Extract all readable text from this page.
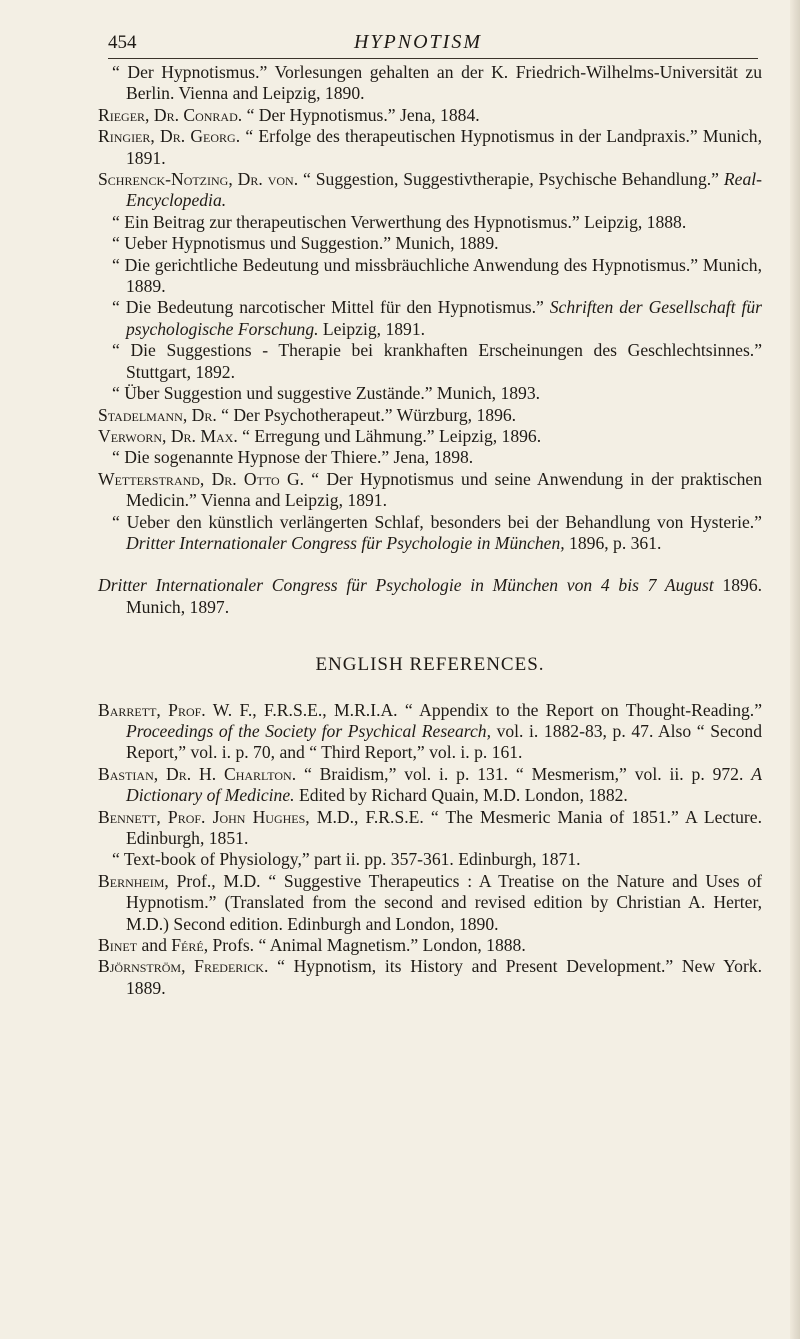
454	HYPNOTISM

“ Der Hypnotismus.” Vorlesungen gehalten an der K. Friedrich-Wilhelms-Universität zu Berlin. Vienna and Leipzig, 1890.

Rieger, Dr. Conrad. “ Der Hypnotismus.” Jena, 1884.

Ringier, Dr. Georg. “ Erfolge des therapeutischen Hypnotismus in der Landpraxis.” Munich, 1891.

Schrenck-Notzing, Dr. von. “ Suggestion, Suggestivtherapie, Psychische Behandlung.” Real-Encyclopedia.

“ Ein Beitrag zur therapeutischen Verwerthung des Hypnotismus.” Leipzig, 1888.

“ Ueber Hypnotismus und Suggestion.” Munich, 1889.

“ Die gerichtliche Bedeutung und missbräuchliche Anwendung des Hypnotismus.” Munich, 1889.

“ Die Bedeutung narcotischer Mittel für den Hypnotismus.” Schriften der Gesellschaft für psychologische Forschung. Leipzig, 1891.

“ Die Suggestions - Therapie bei krankhaften Erscheinungen des Geschlechtsinnes.” Stuttgart, 1892.

“ Über Suggestion und suggestive Zustände.” Munich, 1893.

Stadelmann, Dr. “ Der Psychotherapeut.” Würzburg, 1896.

Verworn, Dr. Max. “ Erregung und Lähmung.” Leipzig, 1896.

“ Die sogenannte Hypnose der Thiere.” Jena, 1898.

Wetterstrand, Dr. Otto G. “ Der Hypnotismus und seine Anwendung in der praktischen Medicin.” Vienna and Leipzig, 1891.

“ Ueber den künstlich verlängerten Schlaf, besonders bei der Behandlung von Hysterie.” Dritter Internationaler Congress für Psychologie in München, 1896, p. 361.

Dritter Internationaler Congress für Psychologie in München von 4 bis 7 August 1896. Munich, 1897.

ENGLISH REFERENCES.

Barrett, Prof. W. F., F.R.S.E., M.R.I.A. “ Appendix to the Report on Thought-Reading.” Proceedings of the Society for Psychical Research, vol. i. 1882-83, p. 47. Also “ Second Report,” vol. i. p. 70, and “ Third Report,” vol. i. p. 161.

Bastian, Dr. H. Charlton. “ Braidism,” vol. i. p. 131. “ Mesmerism,” vol. ii. p. 972. A Dictionary of Medicine. Edited by Richard Quain, M.D. London, 1882.

Bennett, Prof. John Hughes, M.D., F.R.S.E. “ The Mesmeric Mania of 1851.” A Lecture. Edinburgh, 1851.

“ Text-book of Physiology,” part ii. pp. 357-361. Edinburgh, 1871.

Bernheim, Prof., M.D. “ Suggestive Therapeutics : A Treatise on the Nature and Uses of Hypnotism.” (Translated from the second and revised edition by Christian A. Herter, M.D.) Second edition. Edinburgh and London, 1890.

Binet and Féré, Profs. “ Animal Magnetism.” London, 1888.

Björnström, Frederick. “ Hypnotism, its History and Present Development.” New York. 1889.
